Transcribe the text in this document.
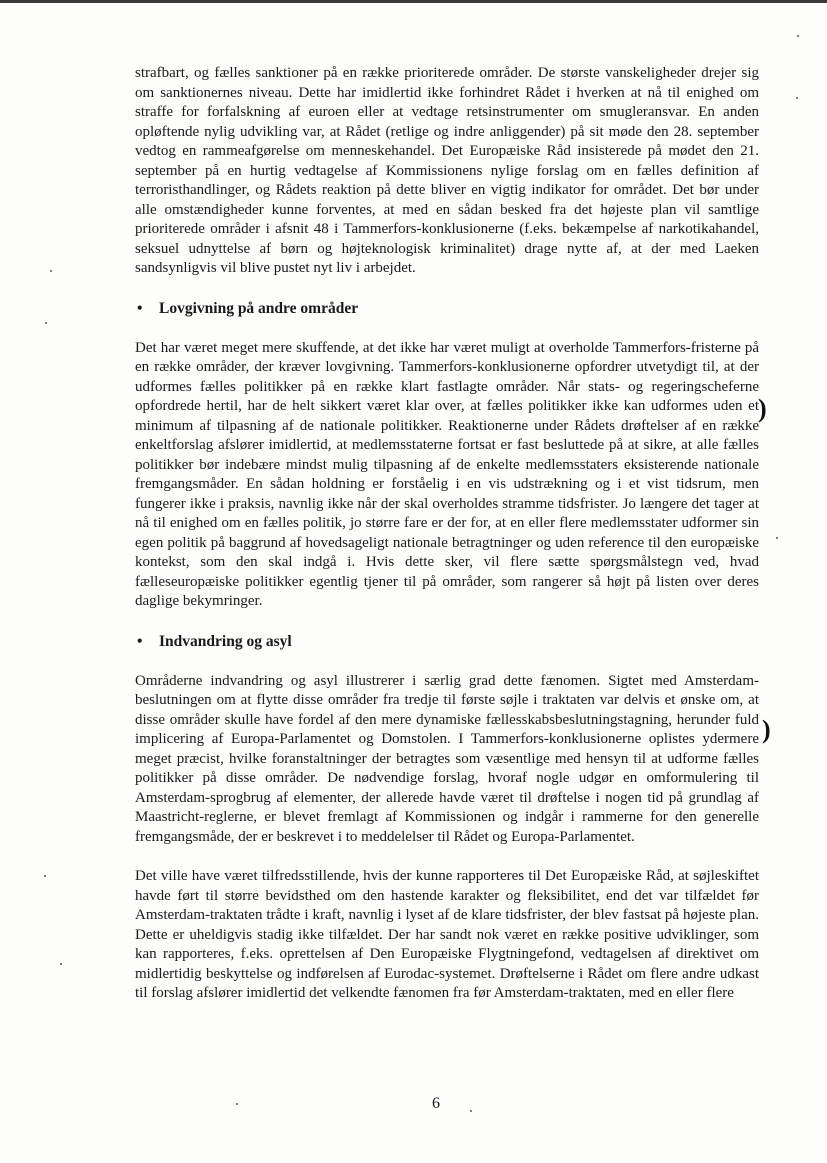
strafbart, og fælles sanktioner på en række prioriterede områder. De største vanskeligheder drejer sig om sanktionernes niveau. Dette har imidlertid ikke forhindret Rådet i hverken at nå til enighed om straffe for forfalskning af euroen eller at vedtage retsinstrumenter om smugleransvar. En anden opløftende nylig udvikling var, at Rådet (retlige og indre anliggender) på sit møde den 28. september vedtog en rammeafgørelse om menneskehandel. Det Europæiske Råd insisterede på mødet den 21. september på en hurtig vedtagelse af Kommissionens nylige forslag om en fælles definition af terroristhandlinger, og Rådets reaktion på dette bliver en vigtig indikator for området. Det bør under alle omstændigheder kunne forventes, at med en sådan besked fra det højeste plan vil samtlige prioriterede områder i afsnit 48 i Tammerfors-konklusionerne (f.eks. bekæmpelse af narkotikahandel, seksuel udnyttelse af børn og højteknologisk kriminalitet) drage nytte af, at der med Laeken sandsynligvis vil blive pustet nyt liv i arbejdet.

• Lovgivning på andre områder

Det har været meget mere skuffende, at det ikke har været muligt at overholde Tammerfors-fristerne på en række områder, der kræver lovgivning. Tammerfors-konklusionerne opfordrer utvetydigt til, at der udformes fælles politikker på en række klart fastlagte områder. Når stats- og regeringscheferne opfordrede hertil, har de helt sikkert været klar over, at fælles politikker ikke kan udformes uden et minimum af tilpasning af de nationale politikker. Reaktionerne under Rådets drøftelser af en række enkeltforslag afslører imidlertid, at medlemsstaterne fortsat er fast besluttede på at sikre, at alle fælles politikker bør indebære mindst mulig tilpasning af de enkelte medlemsstaters eksisterende nationale fremgangsmåder. En sådan holdning er forståelig i en vis udstrækning og i et vist tidsrum, men fungerer ikke i praksis, navnlig ikke når der skal overholdes stramme tidsfrister. Jo længere det tager at nå til enighed om en fælles politik, jo større fare er der for, at en eller flere medlemsstater udformer sin egen politik på baggrund af hovedsageligt nationale betragtninger og uden reference til den europæiske kontekst, som den skal indgå i. Hvis dette sker, vil flere sætte spørgsmålstegn ved, hvad fælleseuropæiske politikker egentlig tjener til på områder, som rangerer så højt på listen over deres daglige bekymringer.

• Indvandring og asyl

Områderne indvandring og asyl illustrerer i særlig grad dette fænomen. Sigtet med Amsterdam-beslutningen om at flytte disse områder fra tredje til første søjle i traktaten var delvis et ønske om, at disse områder skulle have fordel af den mere dynamiske fællesskabsbeslutningstagning, herunder fuld implicering af Europa-Parlamentet og Domstolen. I Tammerfors-konklusionerne oplistes ydermere meget præcist, hvilke foranstaltninger der betragtes som væsentlige med hensyn til at udforme fælles politikker på disse områder. De nødvendige forslag, hvoraf nogle udgør en omformulering til Amsterdam-sprogbrug af elementer, der allerede havde været til drøftelse i nogen tid på grundlag af Maastricht-reglerne, er blevet fremlagt af Kommissionen og indgår i rammerne for den generelle fremgangsmåde, der er beskrevet i to meddelelser til Rådet og Europa-Parlamentet.

Det ville have været tilfredsstillende, hvis der kunne rapporteres til Det Europæiske Råd, at søjleskiftet havde ført til større bevidsthed om den hastende karakter og fleksibilitet, end det var tilfældet før Amsterdam-traktaten trådte i kraft, navnlig i lyset af de klare tidsfrister, der blev fastsat på højeste plan. Dette er uheldigvis stadig ikke tilfældet. Der har sandt nok været en række positive udviklinger, som kan rapporteres, f.eks. oprettelsen af Den Europæiske Flygtningefond, vedtagelsen af direktivet om midlertidig beskyttelse og indførelsen af Eurodac-systemet. Drøftelserne i Rådet om flere andre udkast til forslag afslører imidlertid det velkendte fænomen fra før Amsterdam-traktaten, med en eller flere

)
)
6
